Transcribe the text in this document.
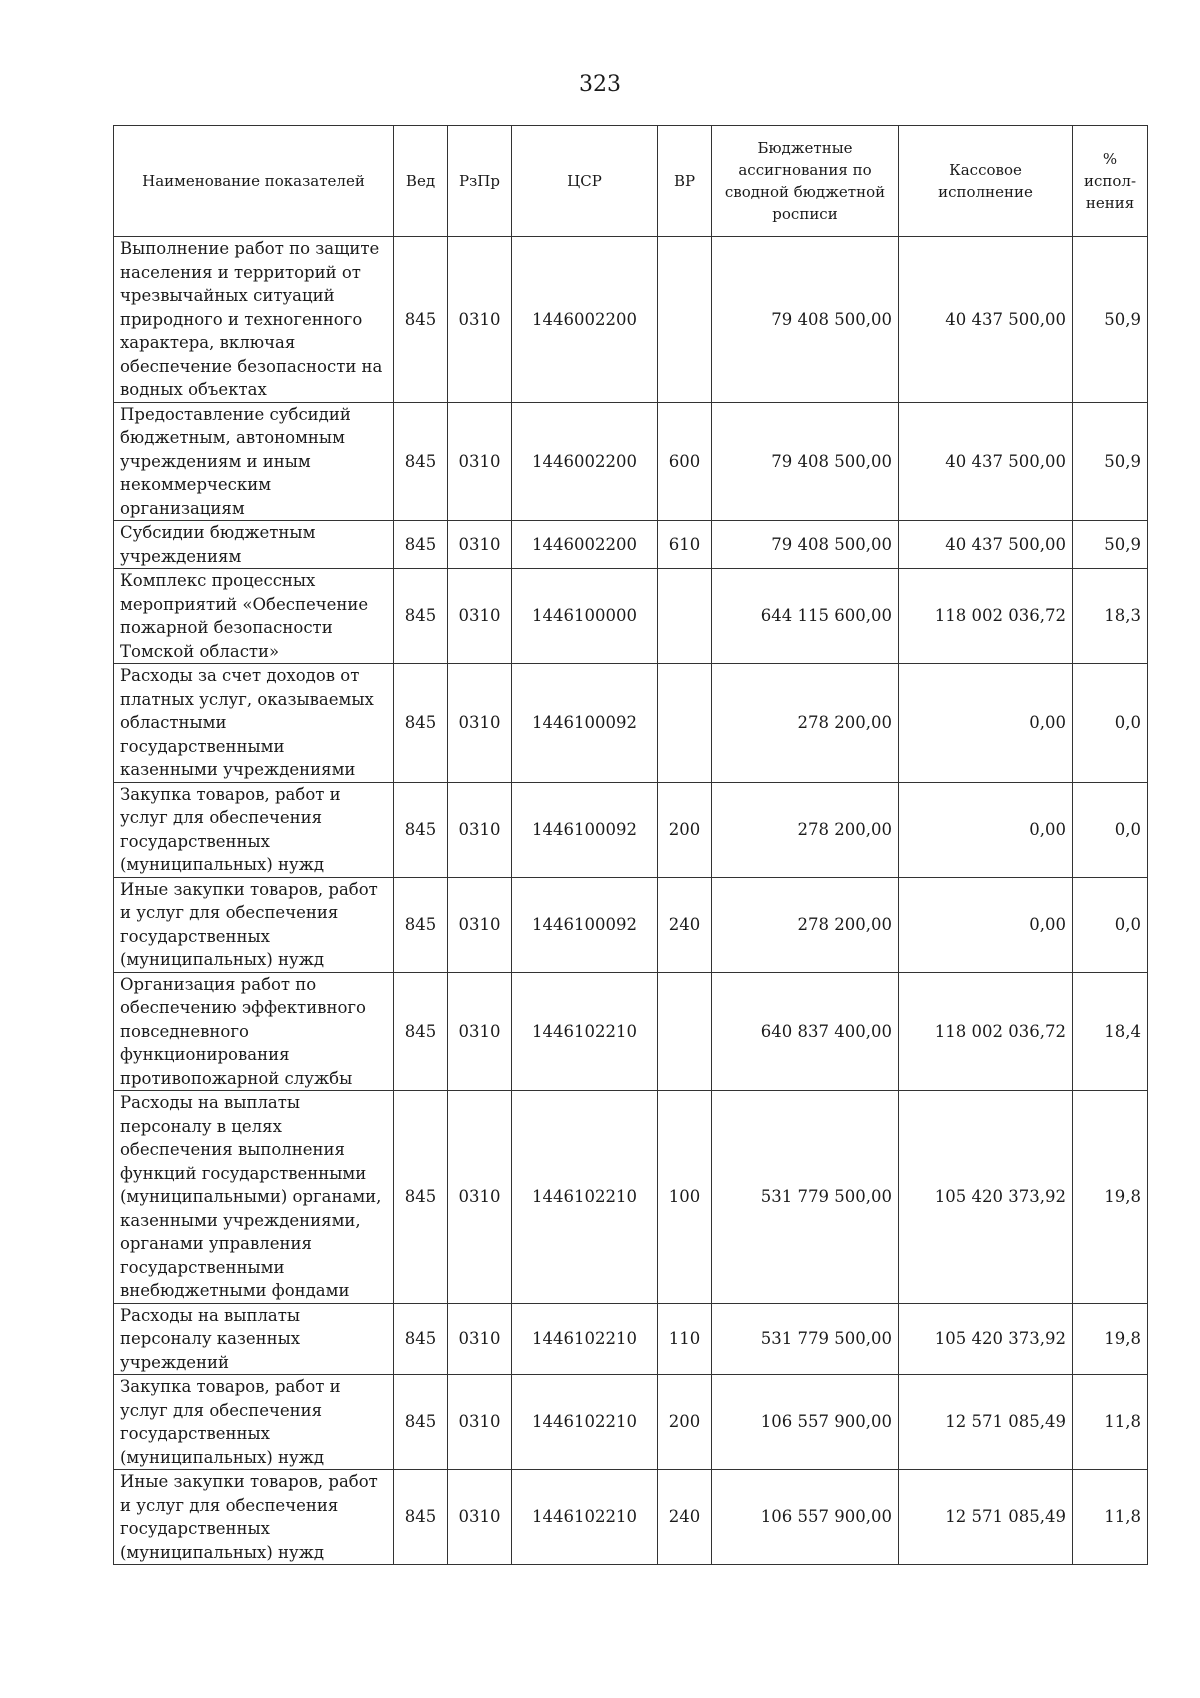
323
Наименование показателей	Вед	РзПр	ЦСР	ВР	Бюджетные ассигнования по сводной бюджетной росписи	Кассовое исполнение	% испол-нения
Выполнение работ по защите населения и территорий от чрезвычайных ситуаций природного и техногенного характера, включая обеспечение безопасности на водных объектах	845	0310	1446002200		79 408 500,00	40 437 500,00	50,9
Предоставление субсидий бюджетным, автономным учреждениям и иным некоммерческим организациям	845	0310	1446002200	600	79 408 500,00	40 437 500,00	50,9
Субсидии бюджетным учреждениям	845	0310	1446002200	610	79 408 500,00	40 437 500,00	50,9
Комплекс процессных мероприятий «Обеспечение пожарной безопасности Томской области»	845	0310	1446100000		644 115 600,00	118 002 036,72	18,3
Расходы за счет доходов от платных услуг, оказываемых областными государственными казенными учреждениями	845	0310	1446100092		278 200,00	0,00	0,0
Закупка товаров, работ и услуг для обеспечения государственных (муниципальных) нужд	845	0310	1446100092	200	278 200,00	0,00	0,0
Иные закупки товаров, работ и услуг для обеспечения государственных (муниципальных) нужд	845	0310	1446100092	240	278 200,00	0,00	0,0
Организация работ по обеспечению эффективного повседневного функционирования противопожарной службы	845	0310	1446102210		640 837 400,00	118 002 036,72	18,4
Расходы на выплаты персоналу в целях обеспечения выполнения функций государственными (муниципальными) органами, казенными учреждениями, органами управления государственными внебюджетными фондами	845	0310	1446102210	100	531 779 500,00	105 420 373,92	19,8
Расходы на выплаты персоналу казенных учреждений	845	0310	1446102210	110	531 779 500,00	105 420 373,92	19,8
Закупка товаров, работ и услуг для обеспечения государственных (муниципальных) нужд	845	0310	1446102210	200	106 557 900,00	12 571 085,49	11,8
Иные закупки товаров, работ и услуг для обеспечения государственных (муниципальных) нужд	845	0310	1446102210	240	106 557 900,00	12 571 085,49	11,8
